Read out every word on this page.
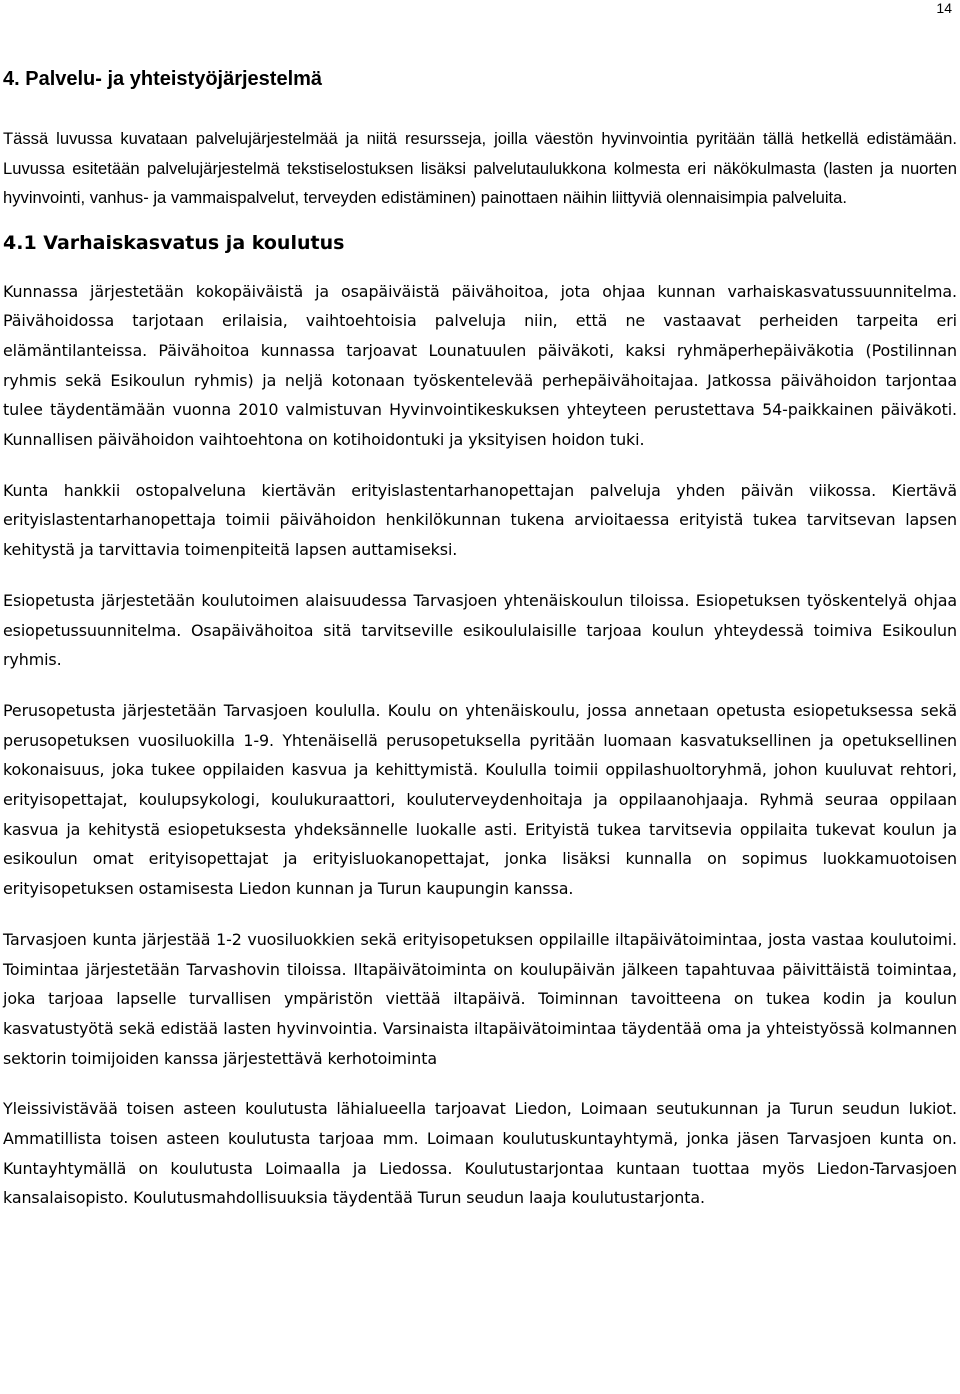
14
4. Palvelu- ja yhteistyöjärjestelmä

Tässä luvussa kuvataan palvelujärjestelmää ja niitä resursseja, joilla väestön hyvinvointia pyritään tällä hetkellä edistämään. Luvussa esitetään palvelujärjestelmä tekstiselostuksen lisäksi palvelutaulukkona kolmesta eri näkökulmasta (lasten ja nuorten hyvinvointi, vanhus- ja vammaispalvelut, terveyden edistäminen) painottaen näihin liittyviä olennaisimpia palveluita.

4.1 Varhaiskasvatus ja koulutus

Kunnassa järjestetään kokopäiväistä ja osapäiväistä päivähoitoa, jota ohjaa kunnan varhaiskasvatussuunnitelma. Päivähoidossa tarjotaan erilaisia, vaihtoehtoisia palveluja niin, että ne vastaavat perheiden tarpeita eri elämäntilanteissa. Päivähoitoa kunnassa tarjoavat Lounatuulen päiväkoti, kaksi ryhmäperhepäiväkotia (Postilinnan ryhmis sekä Esikoulun ryhmis) ja neljä kotonaan työskentelevää perhepäivähoitajaa. Jatkossa päivähoidon tarjontaa tulee täydentämään vuonna 2010 valmistuvan Hyvinvointikeskuksen yhteyteen perustettava 54-paikkainen päiväkoti. Kunnallisen päivähoidon vaihtoehtona on kotihoidontuki ja yksityisen hoidon tuki.

Kunta hankkii ostopalveluna kiertävän erityislastentarhanopettajan palveluja yhden päivän viikossa. Kiertävä erityislastentarhanopettaja toimii päivähoidon henkilökunnan tukena arvioitaessa erityistä tukea tarvitsevan lapsen kehitystä ja tarvittavia toimenpiteitä lapsen auttamiseksi.

Esiopetusta järjestetään koulutoimen alaisuudessa Tarvasjoen yhtenäiskoulun tiloissa. Esiopetuksen työskentelyä ohjaa esiopetussuunnitelma. Osapäivähoitoa sitä tarvitseville esikoululaisille tarjoaa koulun yhteydessä toimiva Esikoulun ryhmis.

Perusopetusta järjestetään Tarvasjoen koululla. Koulu on yhtenäiskoulu, jossa annetaan opetusta esiopetuksessa sekä perusopetuksen vuosiluokilla 1-9. Yhtenäisellä perusopetuksella pyritään luomaan kasvatuksellinen ja opetuksellinen kokonaisuus, joka tukee oppilaiden kasvua ja kehittymistä. Koululla toimii oppilashuoltoryhmä, johon kuuluvat rehtori, erityisopettajat, koulupsykologi, koulukuraattori, kouluterveydenhoitaja ja oppilaanohjaaja. Ryhmä seuraa oppilaan kasvua ja kehitystä esiopetuksesta yhdeksännelle luokalle asti. Erityistä tukea tarvitsevia oppilaita tukevat koulun ja esikoulun omat erityisopettajat ja erityisluokanopettajat, jonka lisäksi kunnalla on sopimus luokkamuotoisen erityisopetuksen ostamisesta Liedon kunnan ja Turun kaupungin kanssa.

Tarvasjoen kunta järjestää 1-2 vuosiluokkien sekä erityisopetuksen oppilaille iltapäivätoimintaa, josta vastaa koulutoimi. Toimintaa järjestetään Tarvashovin tiloissa. Iltapäivätoiminta on koulupäivän jälkeen tapahtuvaa päivittäistä toimintaa, joka tarjoaa lapselle turvallisen ympäristön viettää iltapäivä. Toiminnan tavoitteena on tukea kodin ja koulun kasvatustyötä sekä edistää lasten hyvinvointia. Varsinaista iltapäivätoimintaa täydentää oma ja yhteistyössä kolmannen sektorin toimijoiden kanssa järjestettävä kerhotoiminta

Yleissivistävää toisen asteen koulutusta lähialueella tarjoavat Liedon, Loimaan seutukunnan ja Turun seudun lukiot. Ammatillista toisen asteen koulutusta tarjoaa mm. Loimaan koulutuskuntayhtymä, jonka jäsen Tarvasjoen kunta on. Kuntayhtymällä on koulutusta Loimaalla ja Liedossa. Koulutustarjontaa kuntaan tuottaa myös Liedon-Tarvasjoen kansalaisopisto. Koulutusmahdollisuuksia täydentää Turun seudun laaja koulutustarjonta.
